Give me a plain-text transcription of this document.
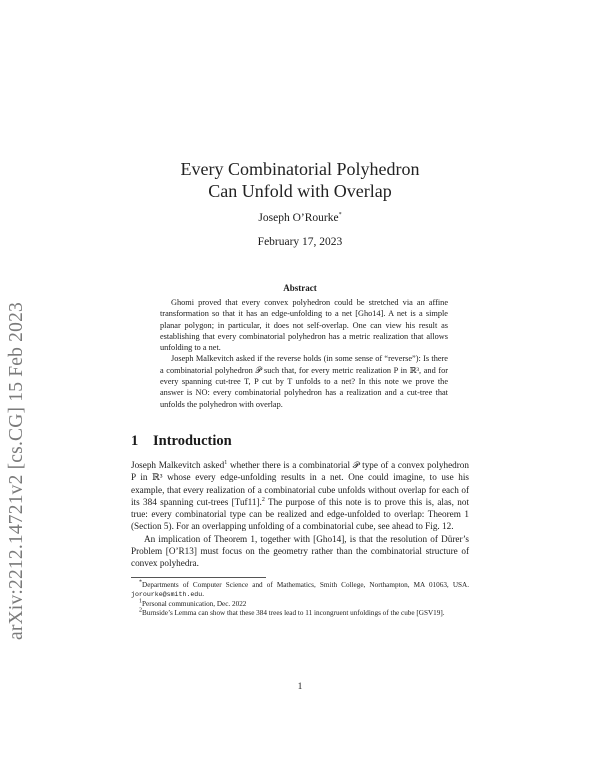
arXiv:2212.14721v2 [cs.CG] 15 Feb 2023
Every Combinatorial Polyhedron
Can Unfold with Overlap
Joseph O’Rourke*
February 17, 2023
Abstract

Ghomi proved that every convex polyhedron could be stretched via an affine transformation so that it has an edge-unfolding to a net [Gho14]. A net is a simple planar polygon; in particular, it does not self-overlap. One can view his result as establishing that every combinatorial polyhedron has a metric realization that allows unfolding to a net.

Joseph Malkevitch asked if the reverse holds (in some sense of “reverse”): Is there a combinatorial polyhedron 𝒫 such that, for every metric realization P in ℝ³, and for every spanning cut-tree T, P cut by T unfolds to a net? In this note we prove the answer is NO: every combinatorial polyhedron has a realization and a cut-tree that unfolds the polyhedron with overlap.

1 Introduction

Joseph Malkevitch asked$^1$ whether there is a combinatorial 𝒫 type of a convex polyhedron P in ℝ³ whose every edge-unfolding results in a net. One could imagine, to use his example, that every realization of a combinatorial cube unfolds without overlap for each of its 384 spanning cut-trees [Tuf11].$^2$ The purpose of this note is to prove this is, alas, not true: every combinatorial type can be realized and edge-unfolded to overlap: Theorem 1 (Section 5). For an overlapping unfolding of a combinatorial cube, see ahead to Fig. 12.

An implication of Theorem 1, together with [Gho14], is that the resolution of Dürer’s Problem [O’R13] must focus on the geometry rather than the combinatorial structure of convex polyhedra.

*Departments of Computer Science and of Mathematics, Smith College, Northampton, MA 01063, USA. jorourke@smith.edu.

$^1$Personal communication, Dec. 2022

$^2$Burnside’s Lemma can show that these 384 trees lead to 11 incongruent unfoldings of the cube [GSV19].

1
